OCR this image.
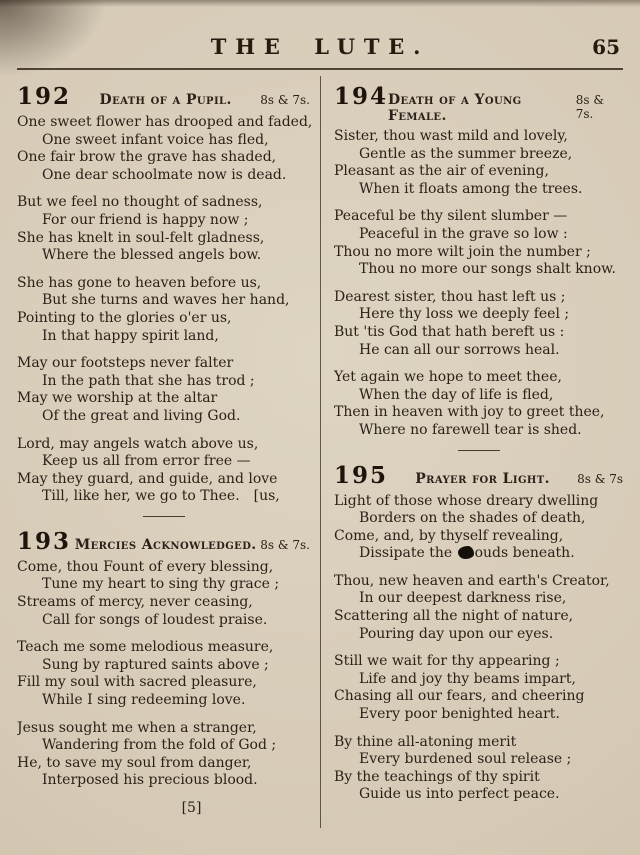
THE LUTE.	65
192 Death of a Pupil. 8s & 7s.

One sweet flower has drooped and faded,

One sweet infant voice has fled,

One fair brow the grave has shaded,

One dear schoolmate now is dead.

But we feel no thought of sadness,

For our friend is happy now ;

She has knelt in soul-felt gladness,

Where the blessed angels bow.

She has gone to heaven before us,

But she turns and waves her hand,

Pointing to the glories o'er us,

In that happy spirit land,

May our footsteps never falter

In the path that she has trod ;

May we worship at the altar

Of the great and living God.

Lord, may angels watch above us,

Keep us all from error free —

May they guard, and guide, and love

Till, like her, we go to Thee. [us,

193 Mercies Acknowledged. 8s & 7s.

Come, thou Fount of every blessing,

Tune my heart to sing thy grace ;

Streams of mercy, never ceasing,

Call for songs of loudest praise.

Teach me some melodious measure,

Sung by raptured saints above ;

Fill my soul with sacred pleasure,

While I sing redeeming love.

Jesus sought me when a stranger,

Wandering from the fold of God ;

He, to save my soul from danger,

Interposed his precious blood.

[5]
194 Death of a Young Female.
8s & 7s.

Sister, thou wast mild and lovely,

Gentle as the summer breeze,

Pleasant as the air of evening,

When it floats among the trees.

Peaceful be thy silent slumber —

Peaceful in the grave so low :

Thou no more wilt join the number ;

Thou no more our songs shalt know.

Dearest sister, thou hast left us ;

Here thy loss we deeply feel ;

But 'tis God that hath bereft us :

He can all our sorrows heal.

Yet again we hope to meet thee,

When the day of life is fled,

Then in heaven with joy to greet thee,

Where no farewell tear is shed.

195 Prayer for Light. 8s & 7s

Light of those whose dreary dwelling

Borders on the shades of death,

Come, and, by thyself revealing,

Dissipate the ouds beneath.

Thou, new heaven and earth's Creator,

In our deepest darkness rise,

Scattering all the night of nature,

Pouring day upon our eyes.

Still we wait for thy appearing ;

Life and joy thy beams impart,

Chasing all our fears, and cheering

Every poor benighted heart.

By thine all-atoning merit

Every burdened soul release ;

By the teachings of thy spirit

Guide us into perfect peace.
